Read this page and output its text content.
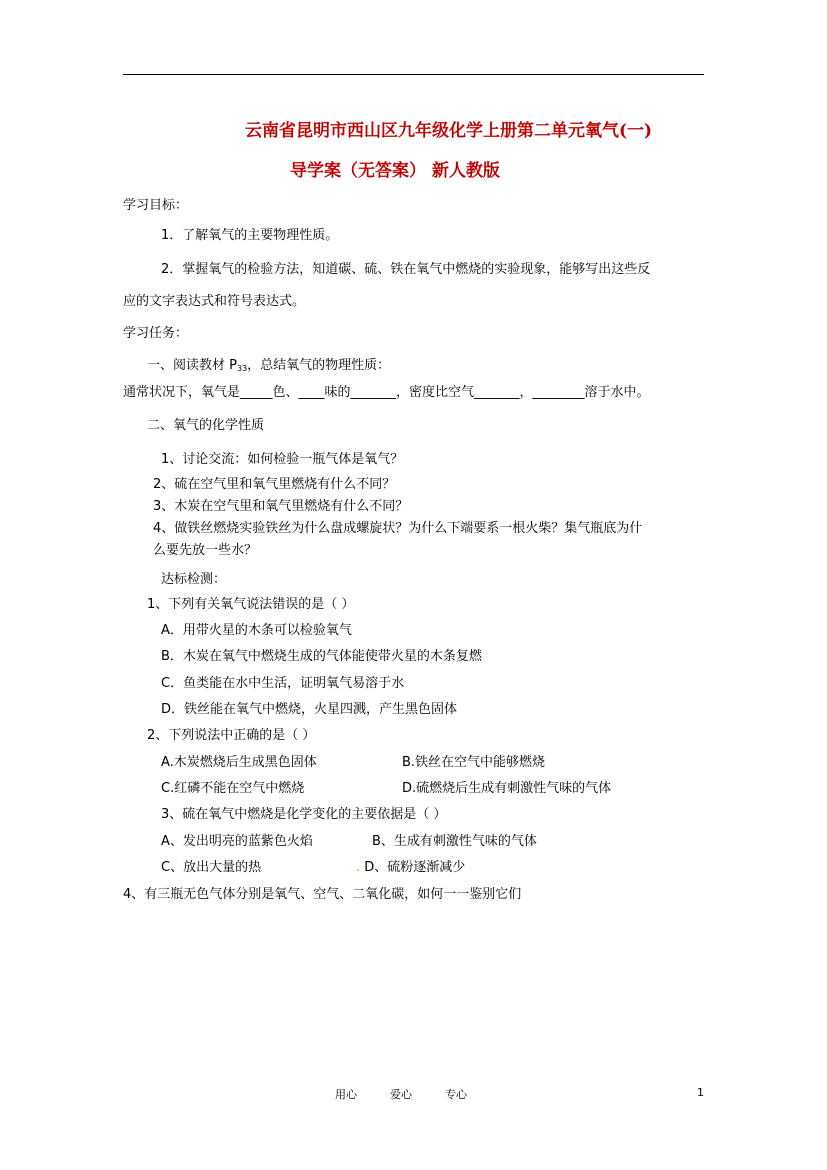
云南省昆明市西山区九年级化学上册第二单元氧气(一)
导学案（无答案） 新人教版
学习目标：
1．了解氧气的主要物理性质。
2．掌握氧气的检验方法，知道碳、硫、铁在氧气中燃烧的实验现象，能够写出这些反
应的文字表达式和符号表达式。
学习任务：
一、阅读教材 $P_{33}$，总结氧气的物理性质：
通常状况下，氧气是_____色、____味的_______，密度比空气_______，________溶于水中。
二、氧气的化学性质
1、讨论交流：如何检验一瓶气体是氧气？
2、硫在空气里和氧气里燃烧有什么不同？
3、木炭在空气里和氧气里燃烧有什么不同？
4、做铁丝燃烧实验铁丝为什么盘成螺旋状？为什么下端要系一根火柴？集气瓶底为什
么要先放一些水？
达标检测：
1、下列有关氧气说法错误的是（ ）
A．用带火星的木条可以检验氧气
B．木炭在氧气中燃烧生成的气体能使带火星的木条复燃
C．鱼类能在水中生活，证明氧气易溶于水
D．铁丝能在氧气中燃烧，火星四溅，产生黑色固体
2、下列说法中正确的是（ ）
A.木炭燃烧后生成黑色固体	B.铁丝在空气中能够燃烧
C.红磷不能在空气中燃烧	D.硫燃烧后生成有刺激性气味的气体
3、硫在氧气中燃烧是化学变化的主要依据是（ ）
A、发出明亮的蓝紫色火焰	B、生成有刺激性气味的气体
C、放出大量的热	. D、硫粉逐渐减少
4、有三瓶无色气体分别是氧气、空气、二氧化碳，如何一一鉴别它们
用心	爱心	专心	1
